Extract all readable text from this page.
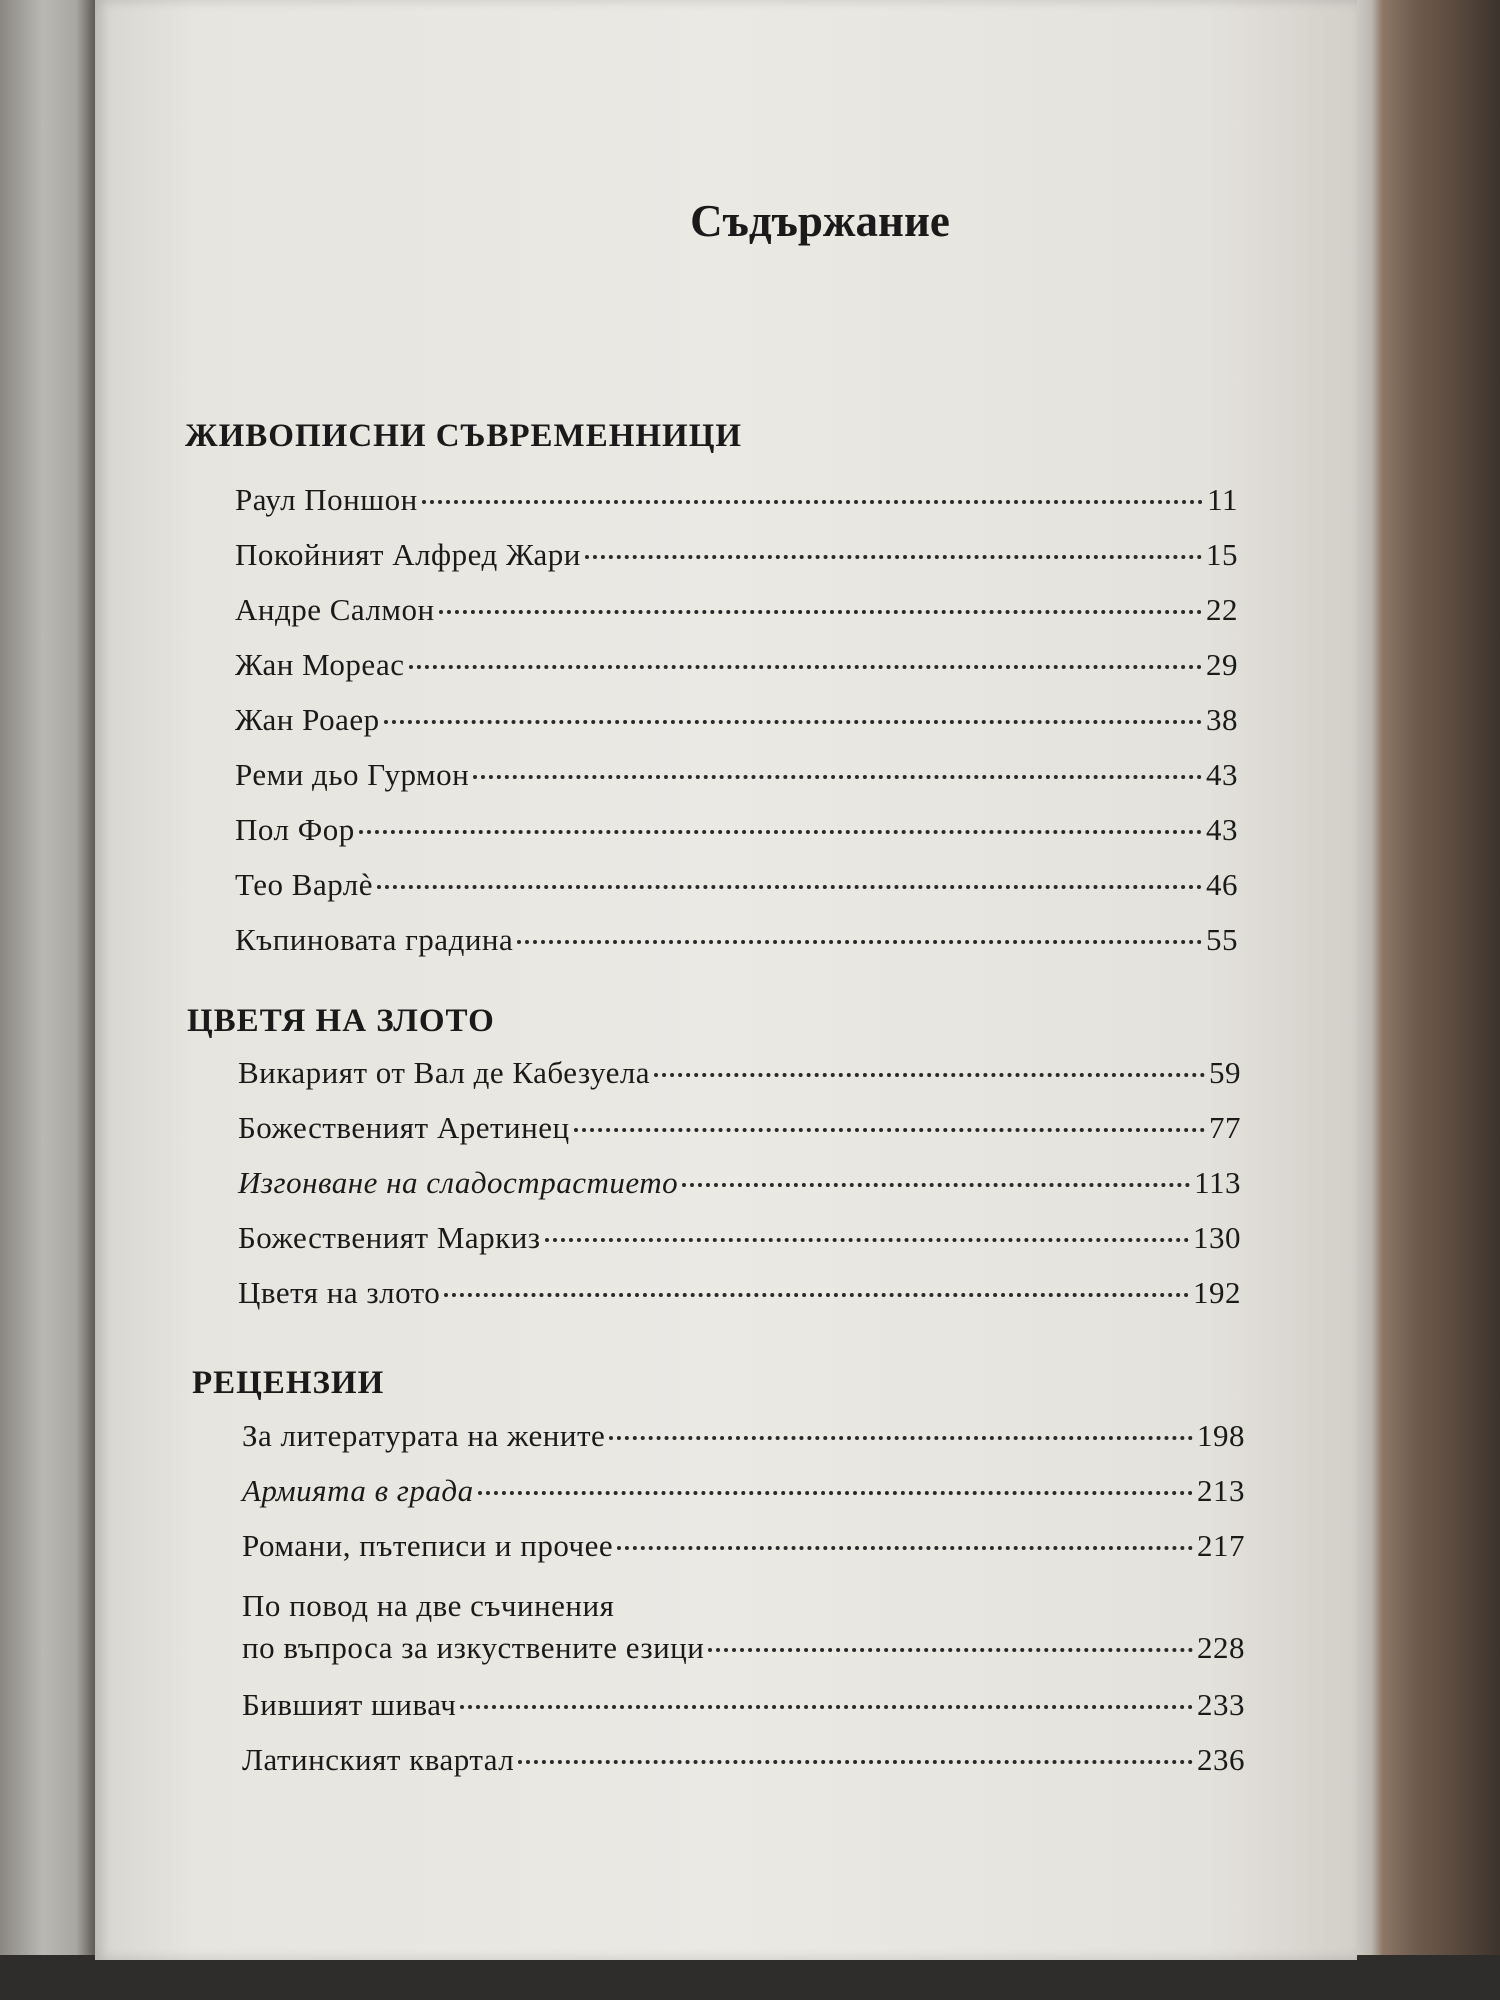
Съдържание
ЖИВОПИСНИ СЪВРЕМЕННИЦИ
Раул Поншон	11
Покойният Алфред Жари	15
Андре Салмон	22
Жан Мореас	29
Жан Роаер	38
Реми дьо Гурмон	43
Пол Фор	43
Тео Варлѐ	46
Къпиновата градина	55
ЦВЕТЯ НА ЗЛОТО
Викарият от Вал де Кабезуела	59
Божественият Аретинец	77
Изгонване на сладострастието	113
Божественият Маркиз	130
Цветя на злото	192
РЕЦЕНЗИИ
За литературата на жените	198
Армията в града	213
Романи, пътеписи и прочее	217
По повод на две съчинения
по въпроса за изкуствените езици	228
Бившият шивач	233
Латинският квартал	236
